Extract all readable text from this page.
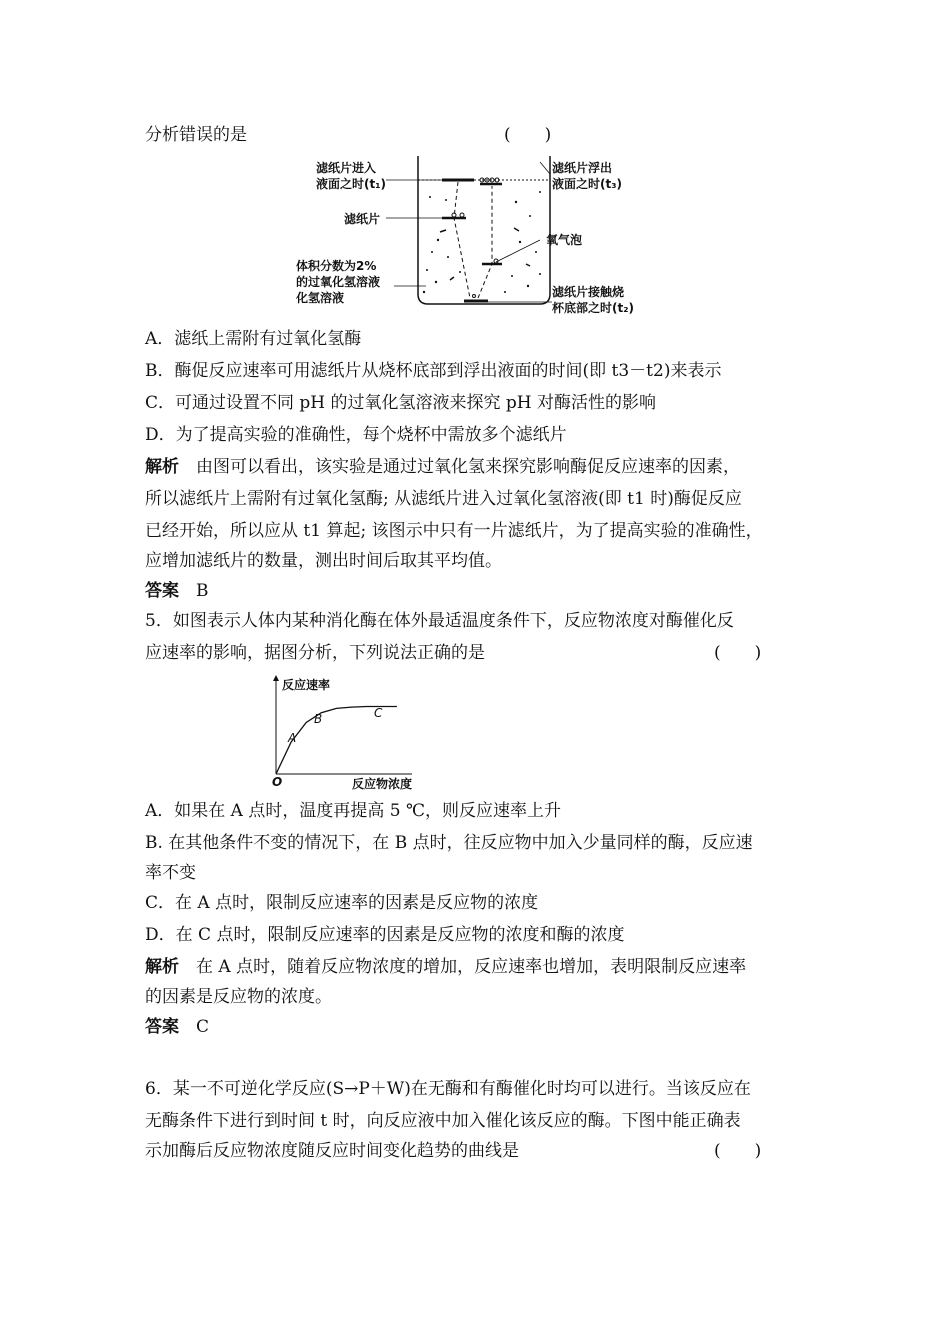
分析错误的是	(　　)
滤纸片进入
液面之时(t₁)
滤纸片浮出
液面之时(t₃)
滤纸片
氧气泡
体积分数为2%
的过氧化氢溶液
化氢溶液	滤纸片接触烧
杯底部之时(t₂)
A．滤纸上需附有过氧化氢酶
B．酶促反应速率可用滤纸片从烧杯底部到浮出液面的时间(即 t3－t2)来表示
C．可通过设置不同 pH 的过氧化氢溶液来探究 pH 对酶活性的影响
D．为了提高实验的准确性，每个烧杯中需放多个滤纸片
解析　 由图可以看出，该实验是通过过氧化氢来探究影响酶促反应速率的因素，
所以滤纸片上需附有过氧化氢酶; 从滤纸片进入过氧化氢溶液(即 t1 时)酶促反应
已经开始，所以应从 t1 算起; 该图示中只有一片滤纸片，为了提高实验的准确性，
应增加滤纸片的数量，测出时间后取其平均值。
答案　 B
5．如图表示人体内某种消化酶在体外最适温度条件下，反应物浓度对酶催化反
应速率的影响，据图分析，下列说法正确的是	(　　)
反应速率
反应物浓度
O
A
B	C
A．如果在 A 点时，温度再提高 5 ℃，则反应速率上升
B. 在其他条件不变的情况下，在 B 点时，往反应物中加入少量同样的酶，反应速
率不变
C．在 A 点时，限制反应速率的因素是反应物的浓度
D．在 C 点时，限制反应速率的因素是反应物的浓度和酶的浓度
解析　 在 A 点时，随着反应物浓度的增加，反应速率也增加，表明限制反应速率
的因素是反应物的浓度。
答案　 C
6．某一不可逆化学反应(S→P＋W)在无酶和有酶催化时均可以进行。当该反应在
无酶条件下进行到时间 t 时，向反应液中加入催化该反应的酶。下图中能正确表
示加酶后反应物浓度随反应时间变化趋势的曲线是	(　　)
